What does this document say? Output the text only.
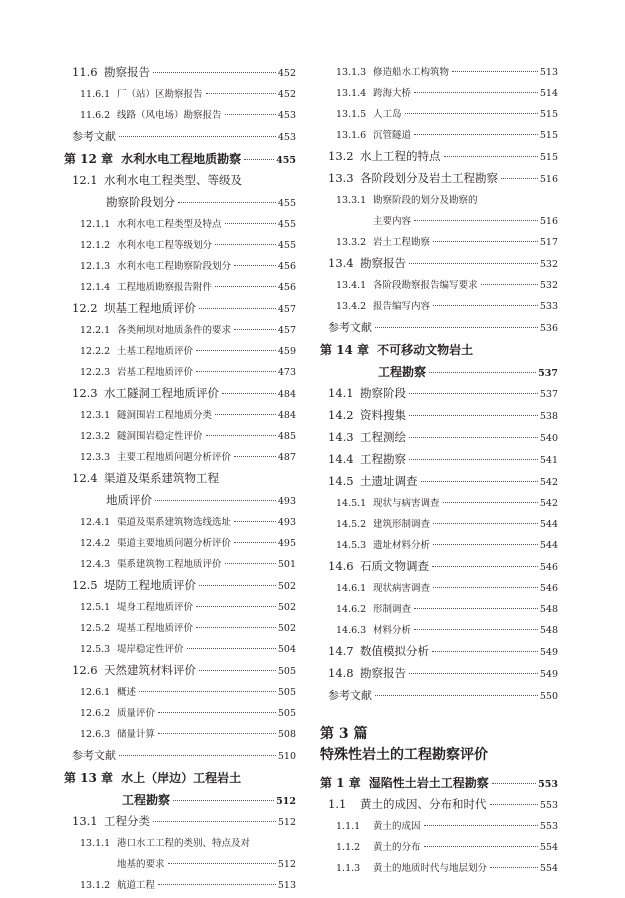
11.6 勘察报告	452
11.6.1 厂（站）区勘察报告	452
11.6.2 线路（风电场）勘察报告	453
参考文献	453
第 12 章 水利水电工程地质勘察	455
12.1 水利水电工程类型、等级及
勘察阶段划分	455
12.1.1 水利水电工程类型及特点	455
12.1.2 水利水电工程等级划分	455
12.1.3 水利水电工程勘察阶段划分	456
12.1.4 工程地质勘察报告附件	456
12.2 坝基工程地质评价	457
12.2.1 各类闸坝对地质条件的要求	457
12.2.2 土基工程地质评价	459
12.2.3 岩基工程地质评价	473
12.3 水工隧洞工程地质评价	484
12.3.1 隧洞围岩工程地质分类	484
12.3.2 隧洞围岩稳定性评价	485
12.3.3 主要工程地质问题分析评价	487
12.4 渠道及渠系建筑物工程
地质评价	493
12.4.1 渠道及渠系建筑物选线选址	493
12.4.2 渠道主要地质问题分析评价	495
12.4.3 渠系建筑物工程地质评价	501
12.5 堤防工程地质评价	502
12.5.1 堤身工程地质评价	502
12.5.2 堤基工程地质评价	502
12.5.3 堤岸稳定性评价	504
12.6 天然建筑材料评价	505
12.6.1 概述	505
12.6.2 质量评价	505
12.6.3 储量计算	508
参考文献	510
第 13 章 水上（岸边）工程岩土
工程勘察	512
13.1 工程分类	512
13.1.1 港口水工工程的类别、特点及对
地基的要求	512
13.1.2 航道工程	513
13.1.3 修造船水工构筑物	513
13.1.4 跨海大桥	514
13.1.5 人工岛	515
13.1.6 沉管隧道	515
13.2 水上工程的特点	515
13.3 各阶段划分及岩土工程勘察	516
13.3.1 勘察阶段的划分及勘察的
主要内容	516
13.3.2 岩土工程勘察	517
13.4 勘察报告	532
13.4.1 各阶段勘察报告编写要求	532
13.4.2 报告编写内容	533
参考文献	536
第 14 章 不可移动文物岩土
工程勘察	537
14.1 勘察阶段	537
14.2 资料搜集	538
14.3 工程测绘	540
14.4 工程勘察	541
14.5 土遗址调查	542
14.5.1 现状与病害调查	542
14.5.2 建筑形制调查	544
14.5.3 遗址材料分析	544
14.6 石质文物调查	546
14.6.1 现状病害调查	546
14.6.2 形制调查	548
14.6.3 材料分析	548
14.7 数值模拟分析	549
14.8 勘察报告	549
参考文献	550
第 3 篇
特殊性岩土的工程勘察评价
第 1 章 湿陷性土岩土工程勘察	553
1.1	黄土的成因、分布和时代	553
1.1.1	黄土的成因	553
1.1.2	黄土的分布	554
1.1.3	黄土的地质时代与地层划分	554
